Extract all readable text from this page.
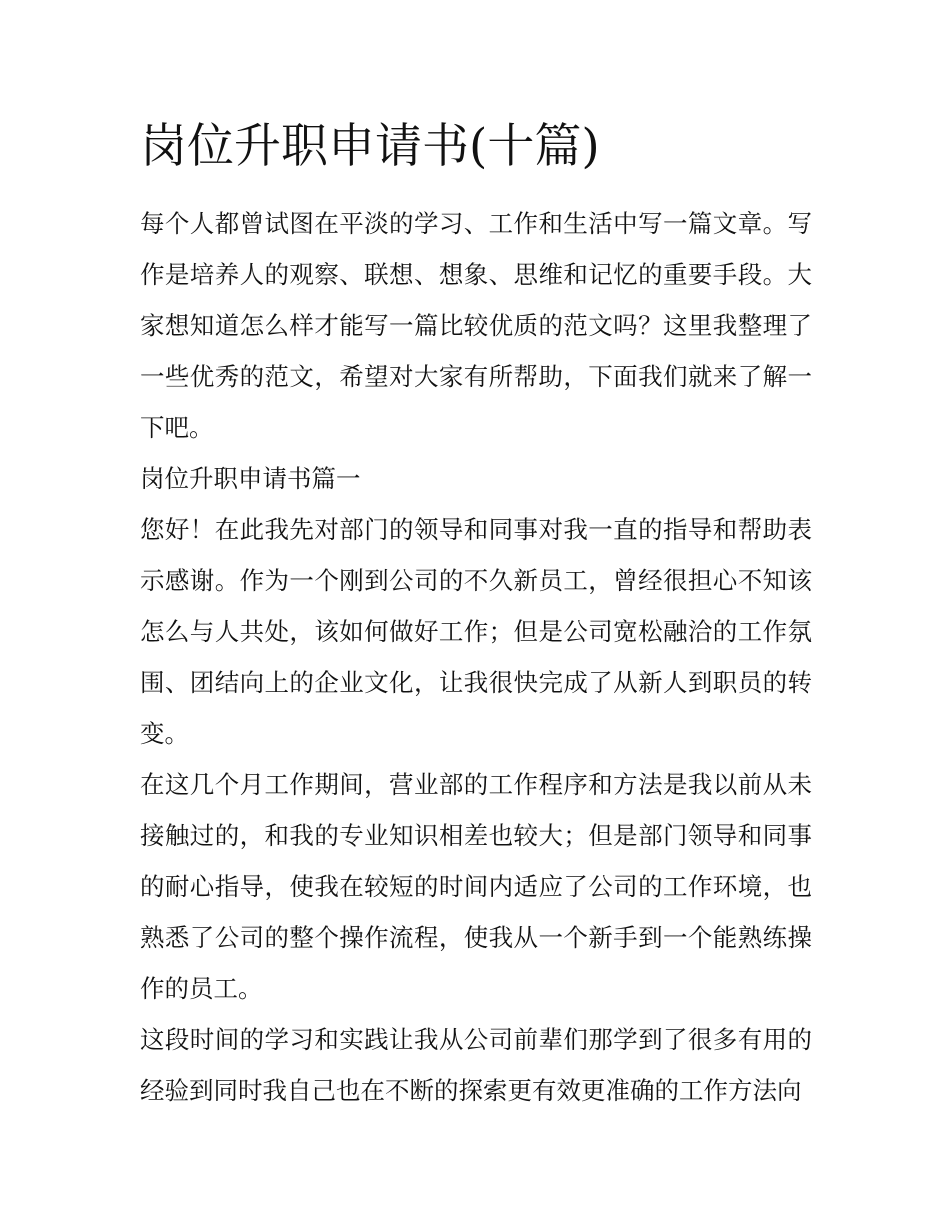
岗位升职申请书(十篇)

每个人都曾试图在平淡的学习、工作和生活中写一篇文章。写作是培养人的观察、联想、想象、思维和记忆的重要手段。大家想知道怎么样才能写一篇比较优质的范文吗？这里我整理了一些优秀的范文，希望对大家有所帮助，下面我们就来了解一下吧。

岗位升职申请书篇一

您好！在此我先对部门的领导和同事对我一直的指导和帮助表示感谢。作为一个刚到公司的不久新员工，曾经很担心不知该怎么与人共处，该如何做好工作；但是公司宽松融洽的工作氛围、团结向上的企业文化，让我很快完成了从新人到职员的转变。

在这几个月工作期间，营业部的工作程序和方法是我以前从未接触过的，和我的专业知识相差也较大；但是部门领导和同事的耐心指导，使我在较短的时间内适应了公司的工作环境，也熟悉了公司的整个操作流程，使我从一个新手到一个能熟练操作的员工。

这段时间的学习和实践让我从公司前辈们那学到了很多有用的经验到同时我自己也在不断的探索更有效更准确的工作方法向
